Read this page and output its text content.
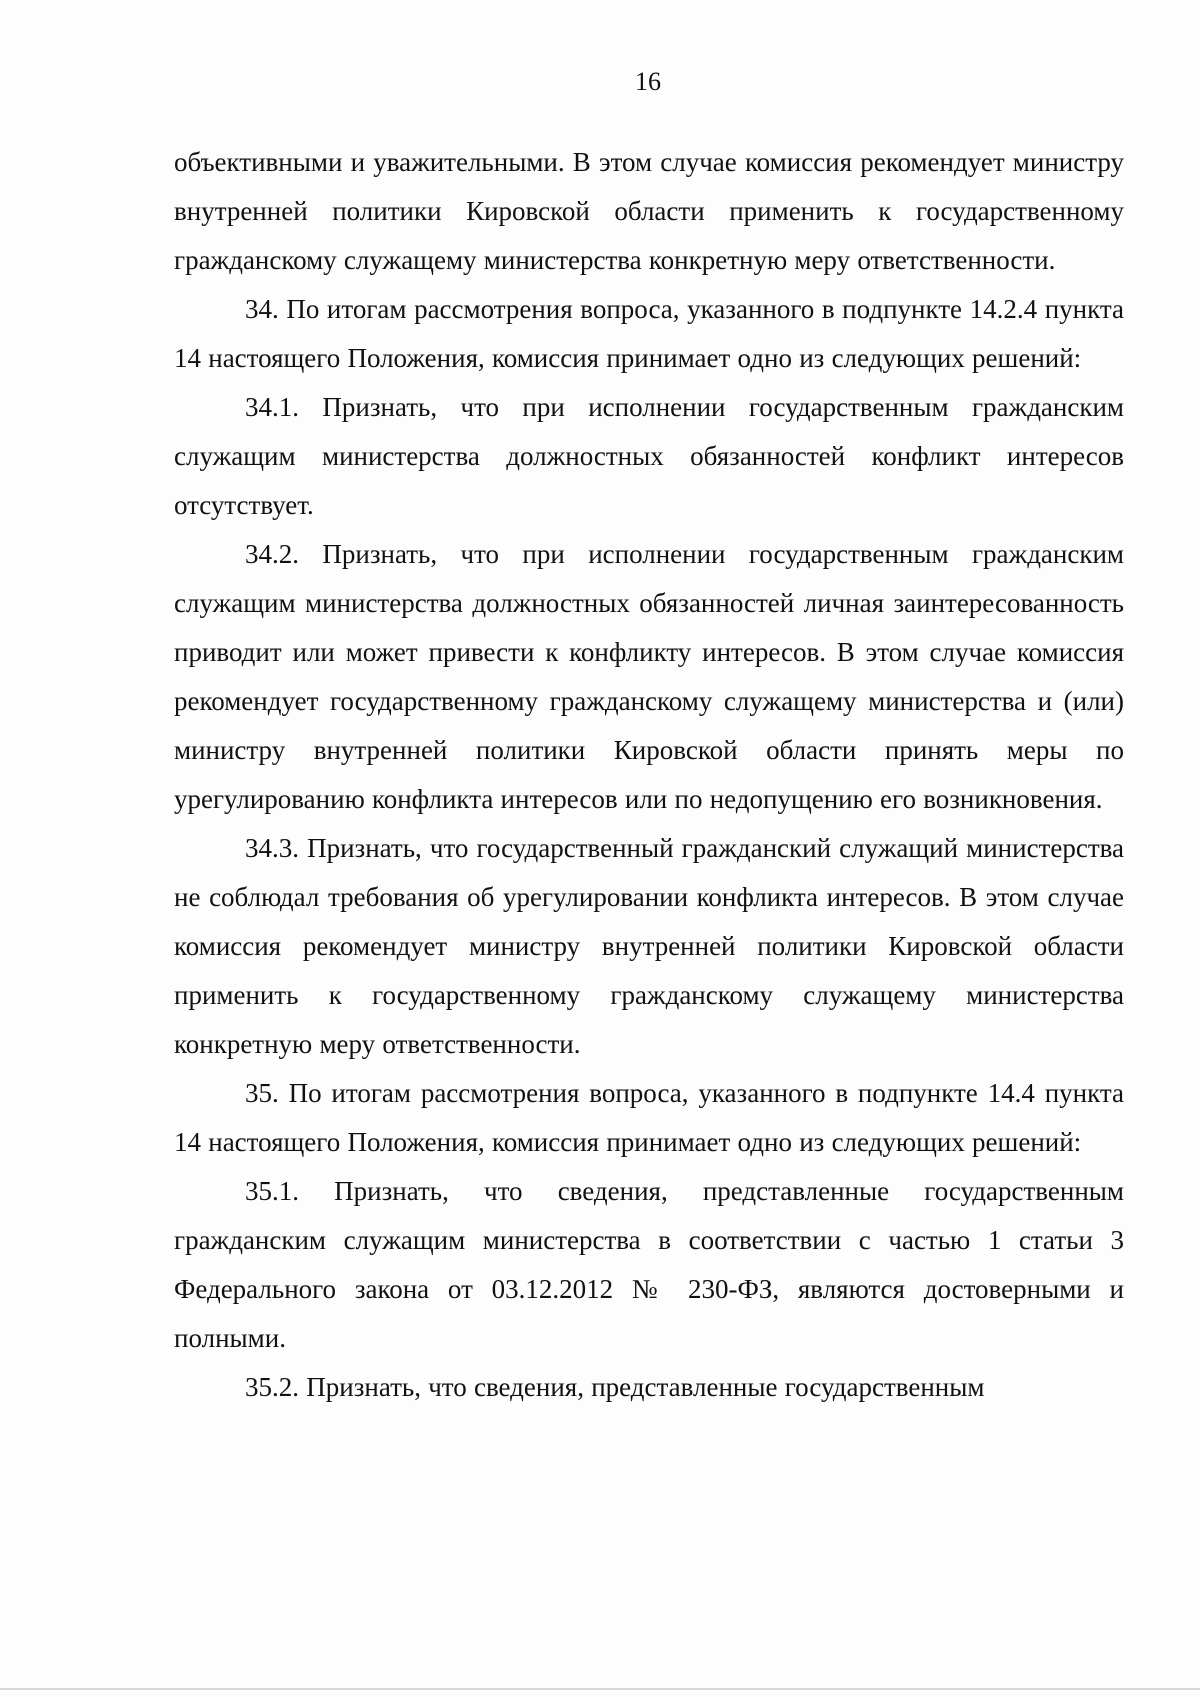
16

объективными и уважительными. В этом случае комиссия рекомендует министру внутренней политики Кировской области применить к государственному гражданскому служащему министерства конкретную меру ответственности.

34. По итогам рассмотрения вопроса, указанного в подпункте 14.2.4 пункта 14 настоящего Положения, комиссия принимает одно из следующих решений:

34.1. Признать, что при исполнении государственным гражданским служащим министерства должностных обязанностей конфликт интересов отсутствует.

34.2. Признать, что при исполнении государственным гражданским служащим министерства должностных обязанностей личная заинтересованность приводит или может привести к конфликту интересов. В этом случае комиссия рекомендует государственному гражданскому служащему министерства и (или) министру внутренней политики Кировской области принять меры по урегулированию конфликта интересов или по недопущению его возникновения.

34.3. Признать, что государственный гражданский служащий министерства не соблюдал требования об урегулировании конфликта интересов. В этом случае комиссия рекомендует министру внутренней политики Кировской области применить к государственному гражданскому служащему министерства конкретную меру ответственности.

35. По итогам рассмотрения вопроса, указанного в подпункте 14.4 пункта 14 настоящего Положения, комиссия принимает одно из следующих решений:

35.1. Признать, что сведения, представленные государственным гражданским служащим министерства в соответствии с частью 1 статьи 3 Федерального закона от 03.12.2012 № 230-ФЗ, являются достоверными и полными.

35.2. Признать, что сведения, представленные государственным
